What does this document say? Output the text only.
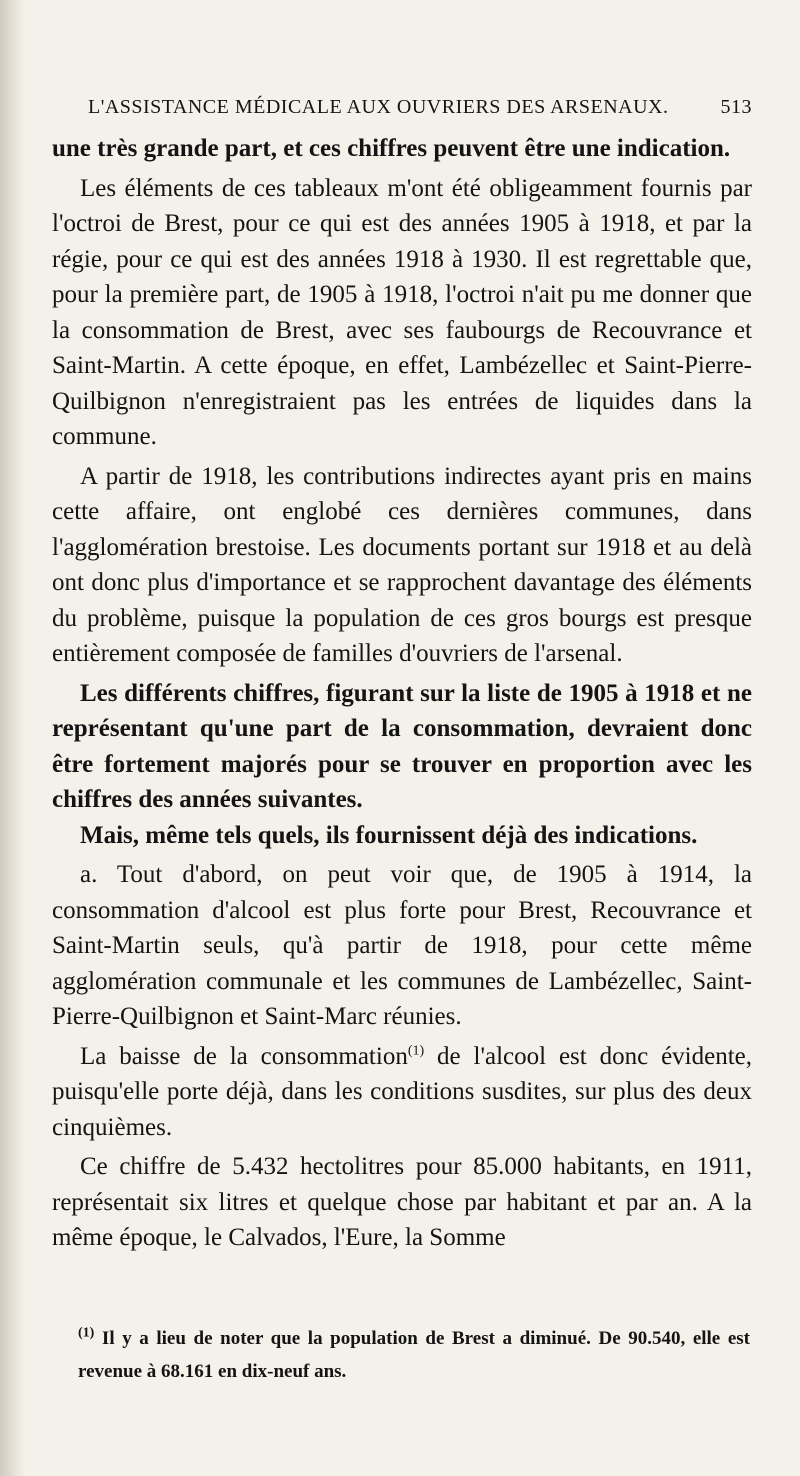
L'ASSISTANCE MÉDICALE AUX OUVRIERS DES ARSENAUX.	513

une très grande part, et ces chiffres peuvent être une indication.

Les éléments de ces tableaux m'ont été obligeamment fournis par l'octroi de Brest, pour ce qui est des années 1905 à 1918, et par la régie, pour ce qui est des années 1918 à 1930. Il est regrettable que, pour la première part, de 1905 à 1918, l'octroi n'ait pu me donner que la consommation de Brest, avec ses faubourgs de Recouvrance et Saint-Martin. A cette époque, en effet, Lambézellec et Saint-Pierre-Quilbignon n'enregistraient pas les entrées de liquides dans la commune.

A partir de 1918, les contributions indirectes ayant pris en mains cette affaire, ont englobé ces dernières communes, dans l'agglomération brestoise. Les documents portant sur 1918 et au delà ont donc plus d'importance et se rapprochent davantage des éléments du problème, puisque la population de ces gros bourgs est presque entièrement composée de familles d'ouvriers de l'arsenal.

Les différents chiffres, figurant sur la liste de 1905 à 1918 et ne représentant qu'une part de la consommation, devraient donc être fortement majorés pour se trouver en proportion avec les chiffres des années suivantes.

Mais, même tels quels, ils fournissent déjà des indications.

a. Tout d'abord, on peut voir que, de 1905 à 1914, la consommation d'alcool est plus forte pour Brest, Recouvrance et Saint-Martin seuls, qu'à partir de 1918, pour cette même agglomération communale et les communes de Lambézellec, Saint-Pierre-Quilbignon et Saint-Marc réunies.

La baisse de la consommation$^{(1)}$ de l'alcool est donc évidente, puisqu'elle porte déjà, dans les conditions susdites, sur plus des deux cinquièmes.

Ce chiffre de 5.432 hectolitres pour 85.000 habitants, en 1911, représentait six litres et quelque chose par habitant et par an. A la même époque, le Calvados, l'Eure, la Somme

$^{(1)}$ Il y a lieu de noter que la population de Brest a diminué. De 90.540, elle est revenue à 68.161 en dix-neuf ans.
